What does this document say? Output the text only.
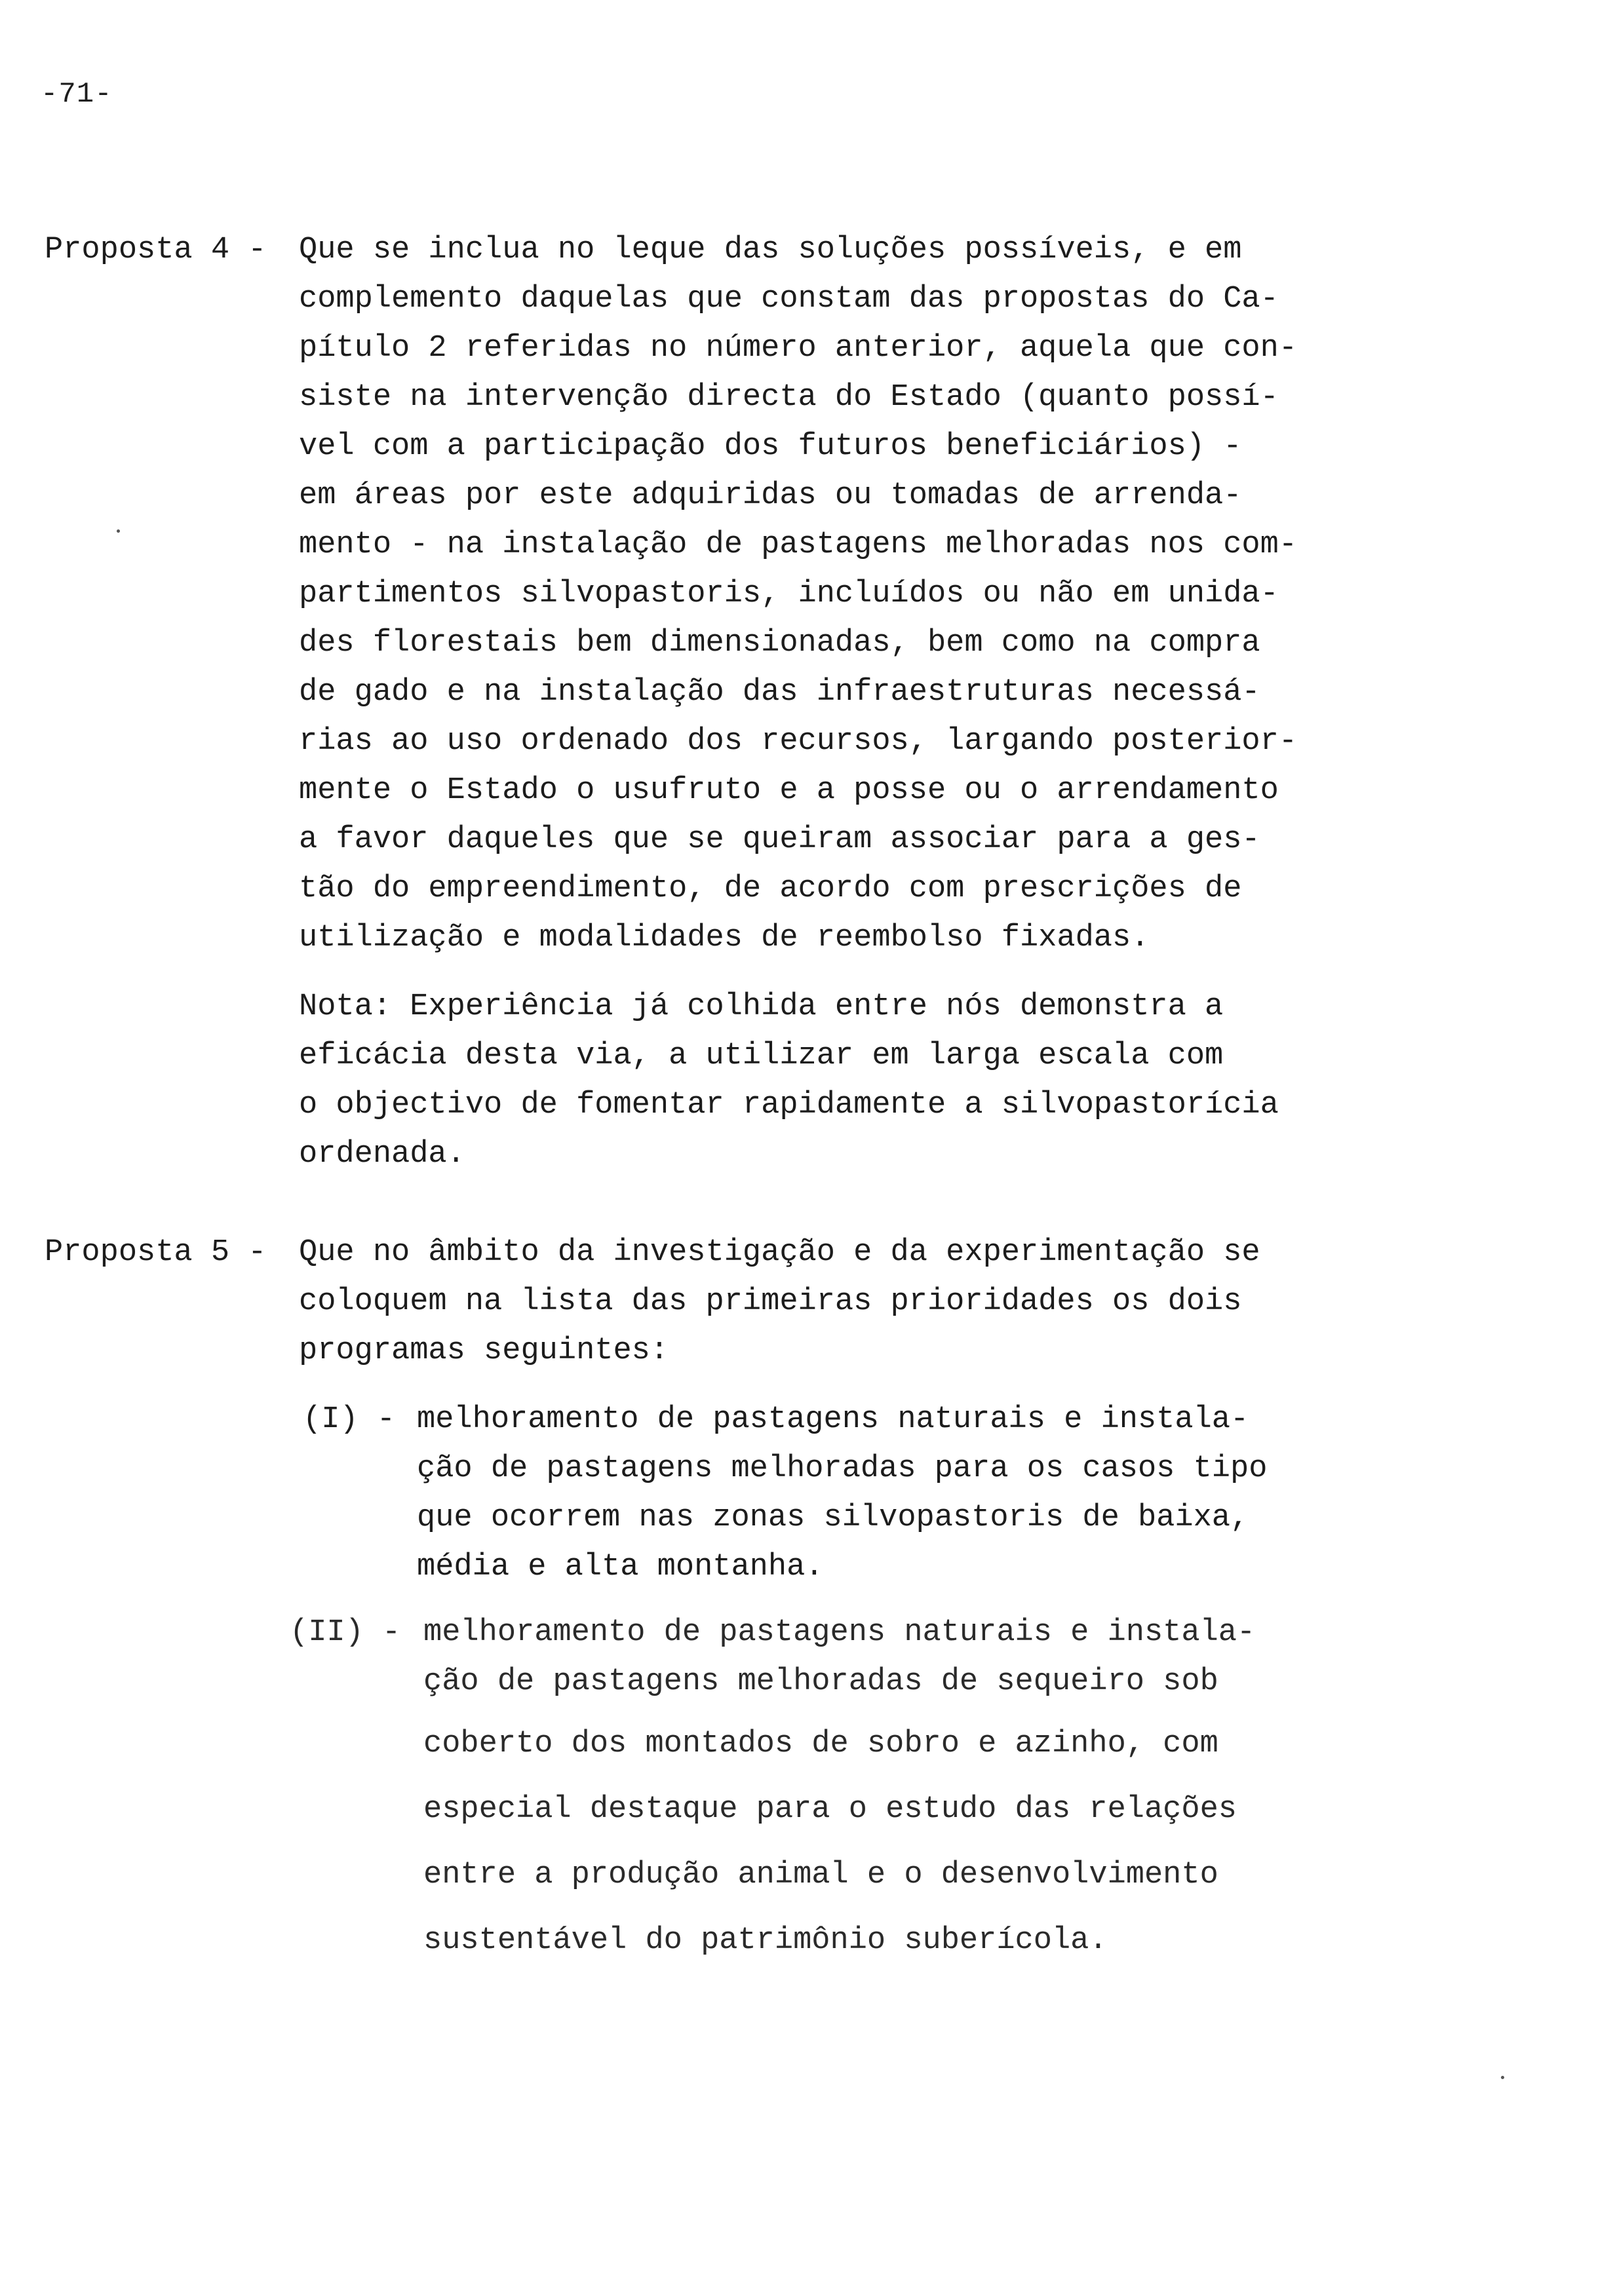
-71-
Proposta 4 - Que se inclua no leque das soluções possíveis, e em
complemento daquelas que constam das propostas do Ca-
pítulo 2 referidas no número anterior, aquela que con-
siste na intervenção directa do Estado (quanto possí-
vel com a participação dos futuros beneficiários) -
em áreas por este adquiridas ou tomadas de arrenda-
mento - na instalação de pastagens melhoradas nos com-
partimentos silvopastoris, incluídos ou não em unida-
des florestais bem dimensionadas, bem como na compra
de gado e na instalação das infraestruturas necessá-
rias ao uso ordenado dos recursos, largando posterior-
mente o Estado o usufruto e a posse ou o arrendamento
a favor daqueles que se queiram associar para a ges-
tão do empreendimento, de acordo com prescrições de
utilização e modalidades de reembolso fixadas.
Nota: Experiência já colhida entre nós demonstra a
eficácia desta via, a utilizar em larga escala com
o objectivo de fomentar rapidamente a silvopastorícia
ordenada.
Proposta 5 - Que no âmbito da investigação e da experimentação se
coloquem na lista das primeiras prioridades os dois
programas seguintes:
(I) - melhoramento de pastagens naturais e instala-
ção de pastagens melhoradas para os casos tipo
que ocorrem nas zonas silvopastoris de baixa,
média e alta montanha.
(II) - melhoramento de pastagens naturais e instala-
ção de pastagens melhoradas de sequeiro sob
coberto dos montados de sobro e azinho, com
especial destaque para o estudo das relações
entre a produção animal e o desenvolvimento
sustentável do patrimônio suberícola.
